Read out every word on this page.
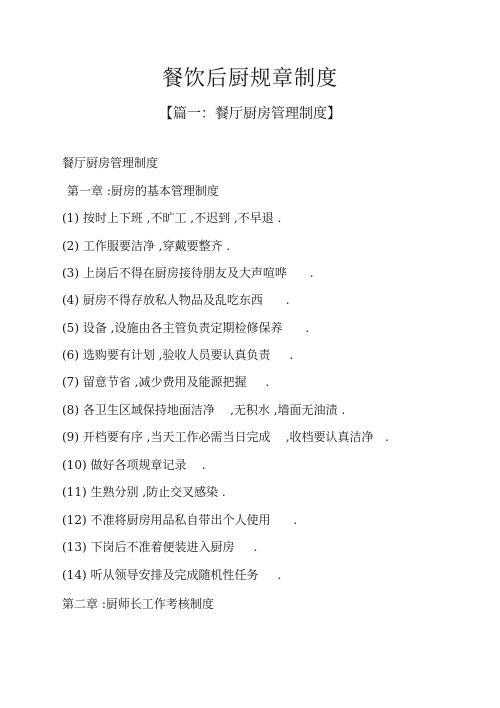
餐饮后厨规章制度
【篇一：餐厅厨房管理制度】
餐厅厨房管理制度
第一章 :厨房的基本管理制度
(1) 按时上下班 ,不旷工 ,不迟到 ,不早退 .
(2) 工作服要洁净 ,穿戴要整齐 .
(3) 上岗后不得在厨房接待朋友及大声喧哗      .
(4) 厨房不得存放私人物品及乱吃东西      .
(5) 设备 ,设施由各主管负责定期检修保养      .
(6) 选购要有计划 ,验收人员要认真负责     .
(7) 留意节省 ,减少费用及能源把握     .
(8) 各卫生区域保持地面洁净    ,无积水 ,墙面无油渍 .
(9) 开档要有序 ,当天工作必需当日完成    ,收档要认真洁净   .
(10) 做好各项规章记录    .
(11) 生熟分别 ,防止交叉感染 .
(12) 不准将厨房用品私自带出个人使用      .
(13) 下岗后不准着便装进入厨房     .
(14) 听从领导安排及完成随机性任务     .
第二章 :厨师长工作考核制度
